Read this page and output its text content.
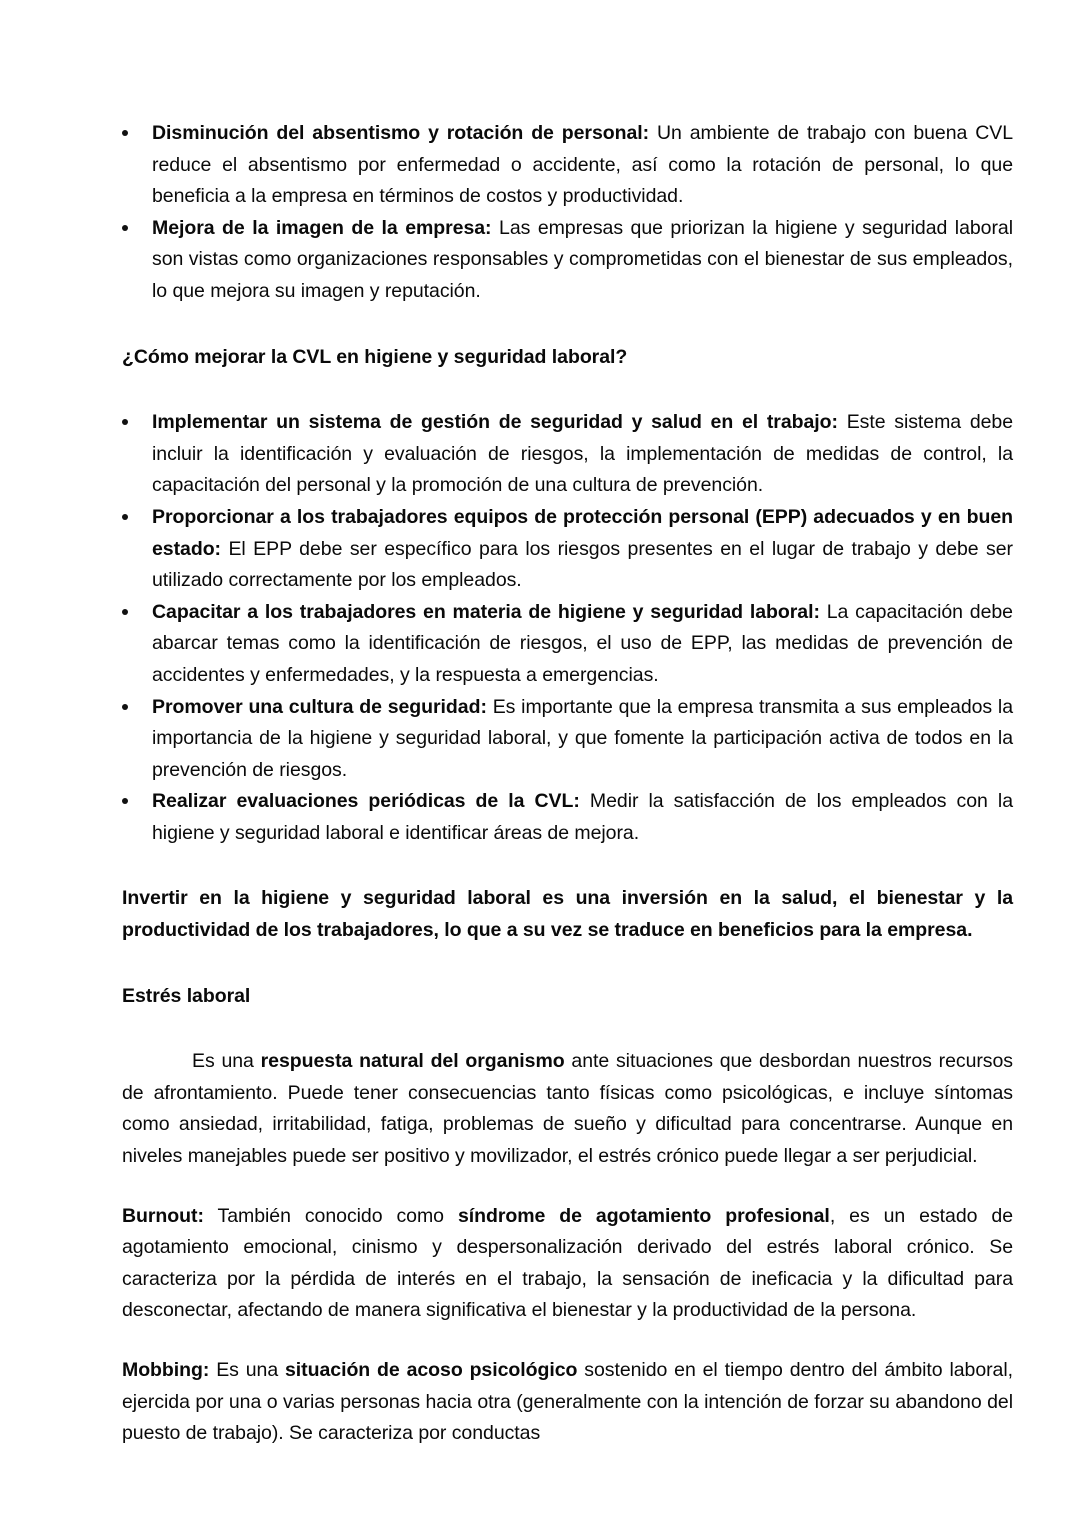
Disminución del absentismo y rotación de personal: Un ambiente de trabajo con buena CVL reduce el absentismo por enfermedad o accidente, así como la rotación de personal, lo que beneficia a la empresa en términos de costos y productividad.
Mejora de la imagen de la empresa: Las empresas que priorizan la higiene y seguridad laboral son vistas como organizaciones responsables y comprometidas con el bienestar de sus empleados, lo que mejora su imagen y reputación.

¿Cómo mejorar la CVL en higiene y seguridad laboral?

Implementar un sistema de gestión de seguridad y salud en el trabajo: Este sistema debe incluir la identificación y evaluación de riesgos, la implementación de medidas de control, la capacitación del personal y la promoción de una cultura de prevención.
Proporcionar a los trabajadores equipos de protección personal (EPP) adecuados y en buen estado: El EPP debe ser específico para los riesgos presentes en el lugar de trabajo y debe ser utilizado correctamente por los empleados.
Capacitar a los trabajadores en materia de higiene y seguridad laboral: La capacitación debe abarcar temas como la identificación de riesgos, el uso de EPP, las medidas de prevención de accidentes y enfermedades, y la respuesta a emergencias.
Promover una cultura de seguridad: Es importante que la empresa transmita a sus empleados la importancia de la higiene y seguridad laboral, y que fomente la participación activa de todos en la prevención de riesgos.
Realizar evaluaciones periódicas de la CVL: Medir la satisfacción de los empleados con la higiene y seguridad laboral e identificar áreas de mejora.

Invertir en la higiene y seguridad laboral es una inversión en la salud, el bienestar y la productividad de los trabajadores, lo que a su vez se traduce en beneficios para la empresa.

Estrés laboral

Es una respuesta natural del organismo ante situaciones que desbordan nuestros recursos de afrontamiento. Puede tener consecuencias tanto físicas como psicológicas, e incluye síntomas como ansiedad, irritabilidad, fatiga, problemas de sueño y dificultad para concentrarse. Aunque en niveles manejables puede ser positivo y movilizador, el estrés crónico puede llegar a ser perjudicial.

Burnout: También conocido como síndrome de agotamiento profesional, es un estado de agotamiento emocional, cinismo y despersonalización derivado del estrés laboral crónico. Se caracteriza por la pérdida de interés en el trabajo, la sensación de ineficacia y la dificultad para desconectar, afectando de manera significativa el bienestar y la productividad de la persona.

Mobbing: Es una situación de acoso psicológico sostenido en el tiempo dentro del ámbito laboral, ejercida por una o varias personas hacia otra (generalmente con la intención de forzar su abandono del puesto de trabajo). Se caracteriza por conductas
